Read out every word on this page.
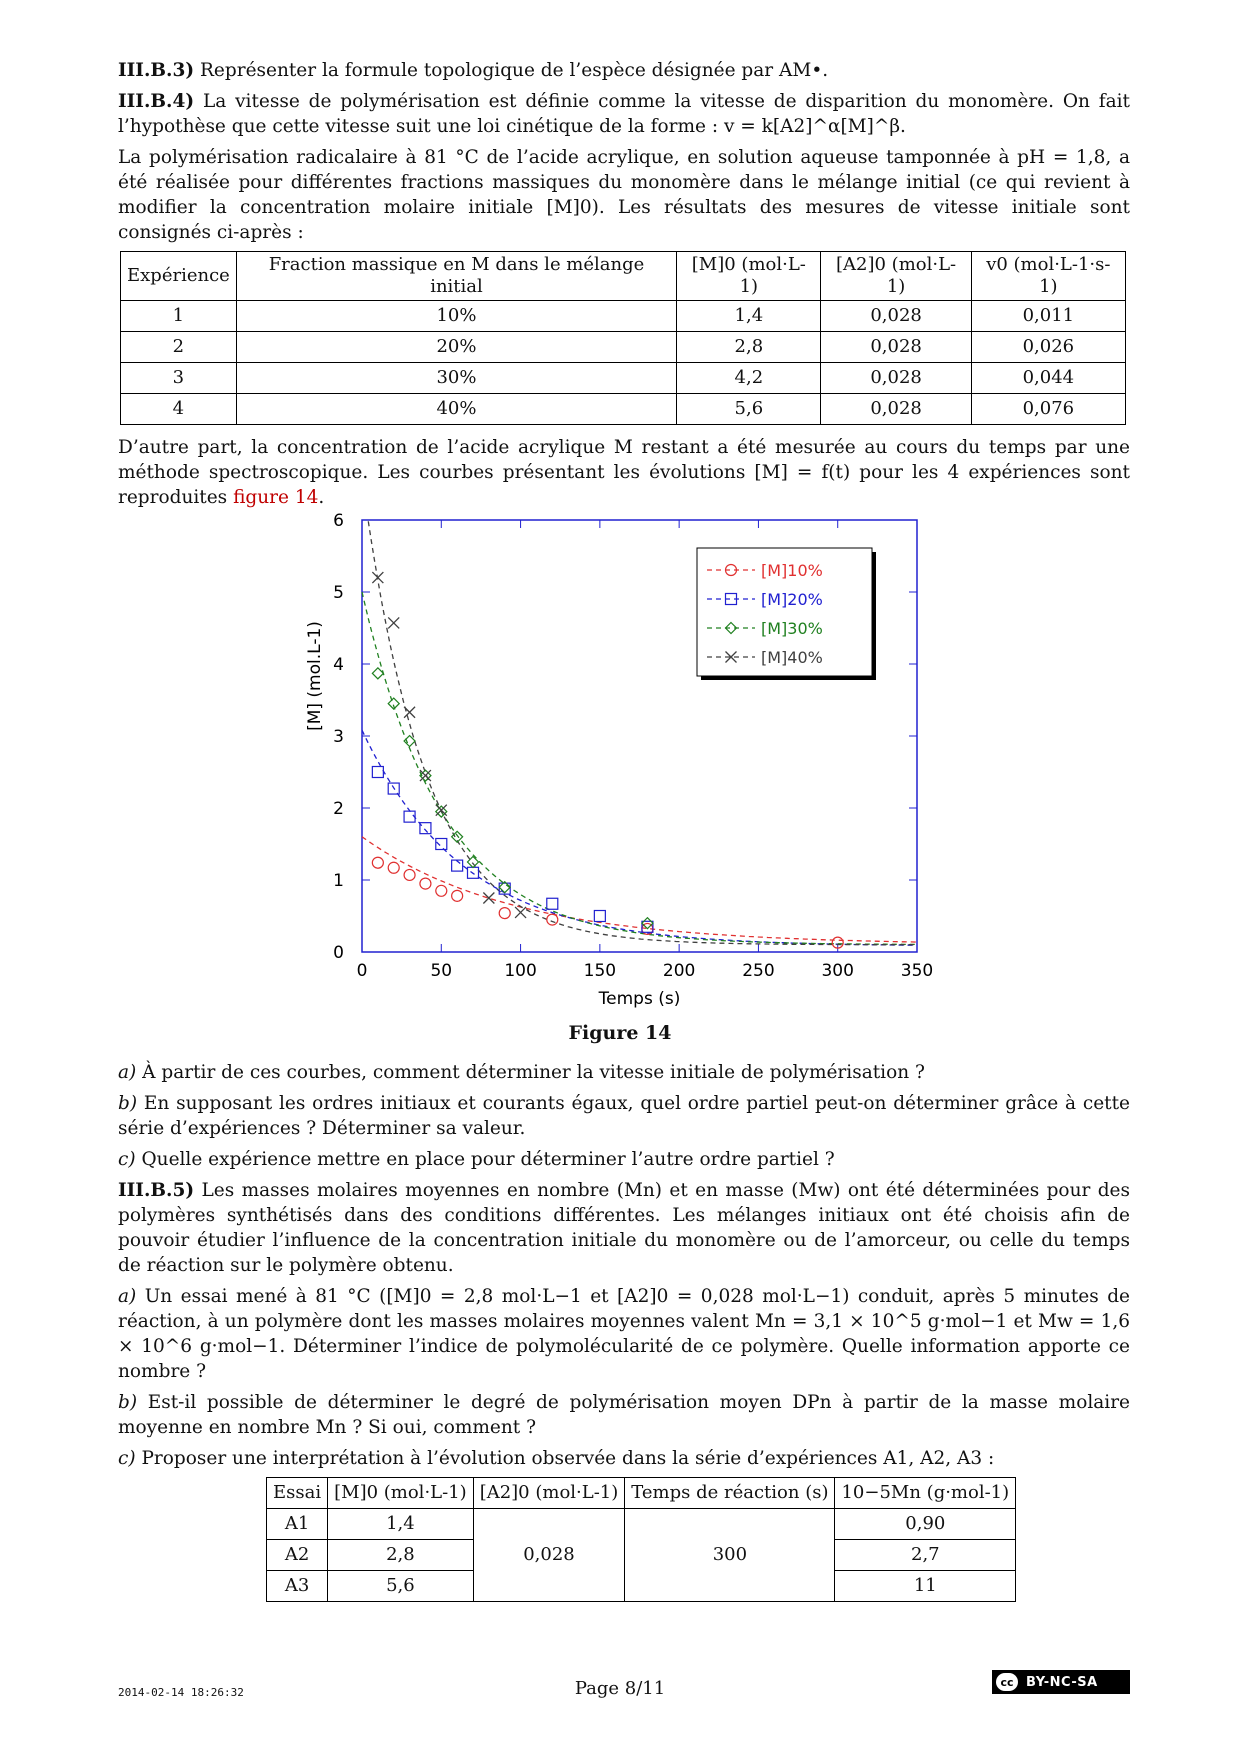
III.B.3) Représenter la formule topologique de l’espèce désignée par AM•.

III.B.4) La vitesse de polymérisation est définie comme la vitesse de disparition du monomère. On fait l’hypothèse que cette vitesse suit une loi cinétique de la forme : v = k[A2]^α[M]^β.

La polymérisation radicalaire à 81 °C de l’acide acrylique, en solution aqueuse tamponnée à pH = 1,8, a été réalisée pour différentes fractions massiques du monomère dans le mélange initial (ce qui revient à modifier la concentration molaire initiale [M]0). Les résultats des mesures de vitesse initiale sont consignés ci-après :

Expérience	Fraction massique en M dans le mélange initial	[M]0 (mol·L-1)	[A2]0 (mol·L-1)	v0 (mol·L-1·s-1)
1	10%	1,4	0,028	0,011
2	20%	2,8	0,028	0,026
3	30%	4,2	0,028	0,044
4	40%	5,6	0,028	0,076

D’autre part, la concentration de l’acide acrylique M restant a été mesurée au cours du temps par une méthode spectroscopique. Les courbes présentant les évolutions [M] = f(t) pour les 4 expériences sont reproduites figure 14.

0	50	100	150	200	250	300	350
0
1
2
3
4
5
6
Temps (s)
[M] (mol.L-1)
[M]10%
[M]20%
[M]30%
[M]40%
Figure 14

a) À partir de ces courbes, comment déterminer la vitesse initiale de polymérisation ?

b) En supposant les ordres initiaux et courants égaux, quel ordre partiel peut-on déterminer grâce à cette série d’expériences ? Déterminer sa valeur.

c) Quelle expérience mettre en place pour déterminer l’autre ordre partiel ?

III.B.5) Les masses molaires moyennes en nombre (Mn) et en masse (Mw) ont été déterminées pour des polymères synthétisés dans des conditions différentes. Les mélanges initiaux ont été choisis afin de pouvoir étudier l’influence de la concentration initiale du monomère ou de l’amorceur, ou celle du temps de réaction sur le polymère obtenu.

a) Un essai mené à 81 °C ([M]0 = 2,8 mol·L−1 et [A2]0 = 0,028 mol·L−1) conduit, après 5 minutes de réaction, à un polymère dont les masses molaires moyennes valent Mn = 3,1 × 10^5 g·mol−1 et Mw = 1,6 × 10^6 g·mol−1. Déterminer l’indice de polymolécularité de ce polymère. Quelle information apporte ce nombre ?

b) Est-il possible de déterminer le degré de polymérisation moyen DPn à partir de la masse molaire moyenne en nombre Mn ? Si oui, comment ?

c) Proposer une interprétation à l’évolution observée dans la série d’expériences A1, A2, A3 :

Essai	[M]0 (mol·L-1)	[A2]0 (mol·L-1)	Temps de réaction (s)	10−5Mn (g·mol-1)
A1	1,4	0,028	300	0,90
A2	2,8			2,7
A3	5,6			11
2014-02-14 18:26:32	Page 8/11	cc BY-NC-SA
